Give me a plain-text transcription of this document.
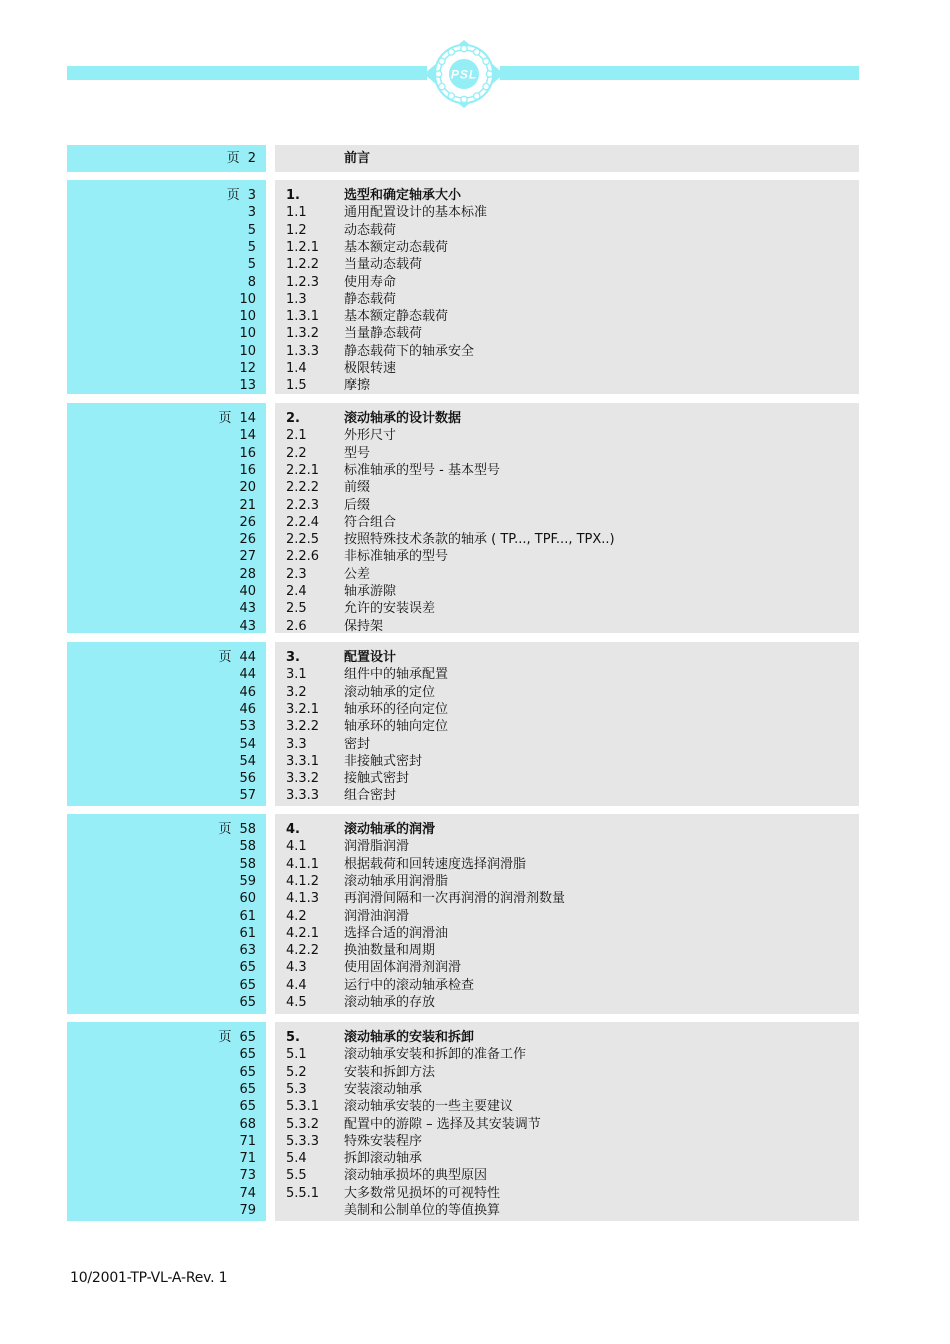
PSL
页 2	前言
页 3 1.	选型和确定轴承大小
3 1.1	通用配置设计的基本标准
5 1.2	动态载荷
5 1.2.1 基本额定动态载荷
5 1.2.2 当量动态载荷
8 1.2.3 使用寿命
10 1.3	静态载荷
10 1.3.1 基本额定静态载荷
10 1.3.2 当量静态载荷
10 1.3.3 静态载荷下的轴承安全
12 1.4	极限转速
13 1.5	摩擦
页 14 2.	滚动轴承的设计数据
14 2.1	外形尺寸
16 2.2	型号
16 2.2.1 标准轴承的型号 - 基本型号
20 2.2.2 前缀
21 2.2.3 后缀
26 2.2.4 符合组合
26 2.2.5 按照特殊技术条款的轴承 ( TP..., TPF..., TPX..)
27 2.2.6 非标准轴承的型号
28 2.3	公差
40 2.4	轴承游隙
43 2.5	允许的安装误差
43 2.6	保持架
页 44 3.	配置设计
44 3.1	组件中的轴承配置
46 3.2	滚动轴承的定位
46 3.2.1 轴承环的径向定位
53 3.2.2 轴承环的轴向定位
54 3.3	密封
54 3.3.1 非接触式密封
56 3.3.2 接触式密封
57 3.3.3 组合密封
页 58 4.	滚动轴承的润滑
58 4.1	润滑脂润滑
58 4.1.1 根据载荷和回转速度选择润滑脂
59 4.1.2 滚动轴承用润滑脂
60 4.1.3 再润滑间隔和一次再润滑的润滑剂数量
61 4.2	润滑油润滑
61 4.2.1 选择合适的润滑油
63 4.2.2 换油数量和周期
65 4.3	使用固体润滑剂润滑
65 4.4	运行中的滚动轴承检查
65 4.5	滚动轴承的存放
页 65 5.	滚动轴承的安装和拆卸
65 5.1	滚动轴承安装和拆卸的准备工作
65 5.2	安装和拆卸方法
65 5.3	安装滚动轴承
65 5.3.1 滚动轴承安装的一些主要建议
68 5.3.2 配置中的游隙 – 选择及其安装调节
71 5.3.3 特殊安装程序
71 5.4	拆卸滚动轴承
73 5.5	滚动轴承损坏的典型原因
74 5.5.1 大多数常见损坏的可视特性
79	美制和公制单位的等值换算
10/2001-TP-VL-A-Rev. 1
